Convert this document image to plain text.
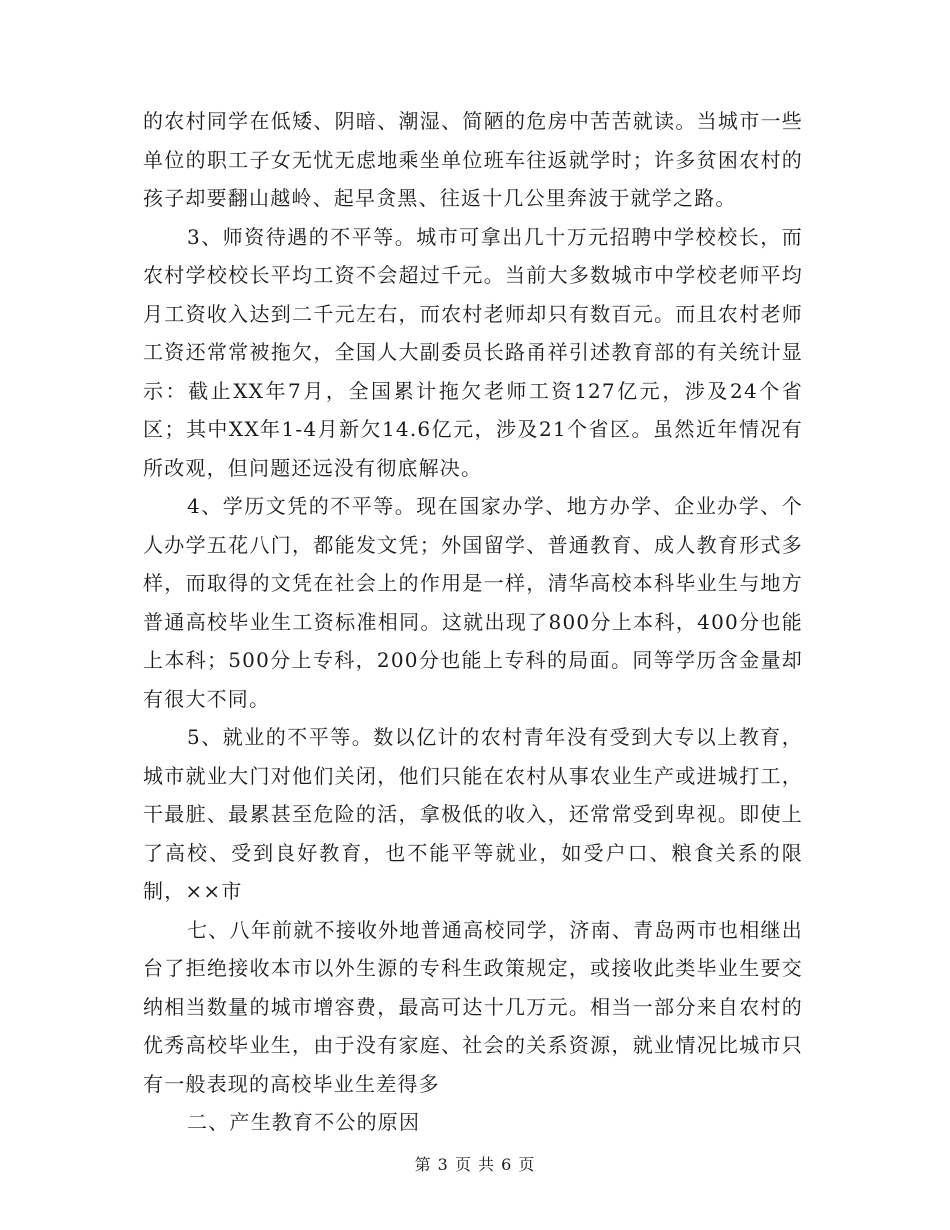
的农村同学在低矮、阴暗、潮湿、简陋的危房中苦苦就读。当城市一些单位的职工子女无忧无虑地乘坐单位班车往返就学时；许多贫困农村的孩子却要翻山越岭、起早贪黑、往返十几公里奔波于就学之路。

3、师资待遇的不平等。城市可拿出几十万元招聘中学校校长，而农村学校校长平均工资不会超过千元。当前大多数城市中学校老师平均月工资收入达到二千元左右，而农村老师却只有数百元。而且农村老师工资还常常被拖欠，全国人大副委员长路甬祥引述教育部的有关统计显示：截止XX年7月，全国累计拖欠老师工资127亿元，涉及24个省区；其中XX年1-4月新欠14.6亿元，涉及21个省区。虽然近年情况有所改观，但问题还远没有彻底解决。

4、学历文凭的不平等。现在国家办学、地方办学、企业办学、个人办学五花八门，都能发文凭；外国留学、普通教育、成人教育形式多样，而取得的文凭在社会上的作用是一样，清华高校本科毕业生与地方普通高校毕业生工资标准相同。这就出现了800分上本科，400分也能上本科；500分上专科，200分也能上专科的局面。同等学历含金量却有很大不同。

5、就业的不平等。数以亿计的农村青年没有受到大专以上教育，城市就业大门对他们关闭，他们只能在农村从事农业生产或进城打工，干最脏、最累甚至危险的活，拿极低的收入，还常常受到卑视。即使上了高校、受到良好教育，也不能平等就业，如受户口、粮食关系的限制，××市

七、八年前就不接收外地普通高校同学，济南、青岛两市也相继出台了拒绝接收本市以外生源的专科生政策规定，或接收此类毕业生要交纳相当数量的城市增容费，最高可达十几万元。相当一部分来自农村的优秀高校毕业生，由于没有家庭、社会的关系资源，就业情况比城市只有一般表现的高校毕业生差得多

二、产生教育不公的原因

第 3 页 共 6 页
